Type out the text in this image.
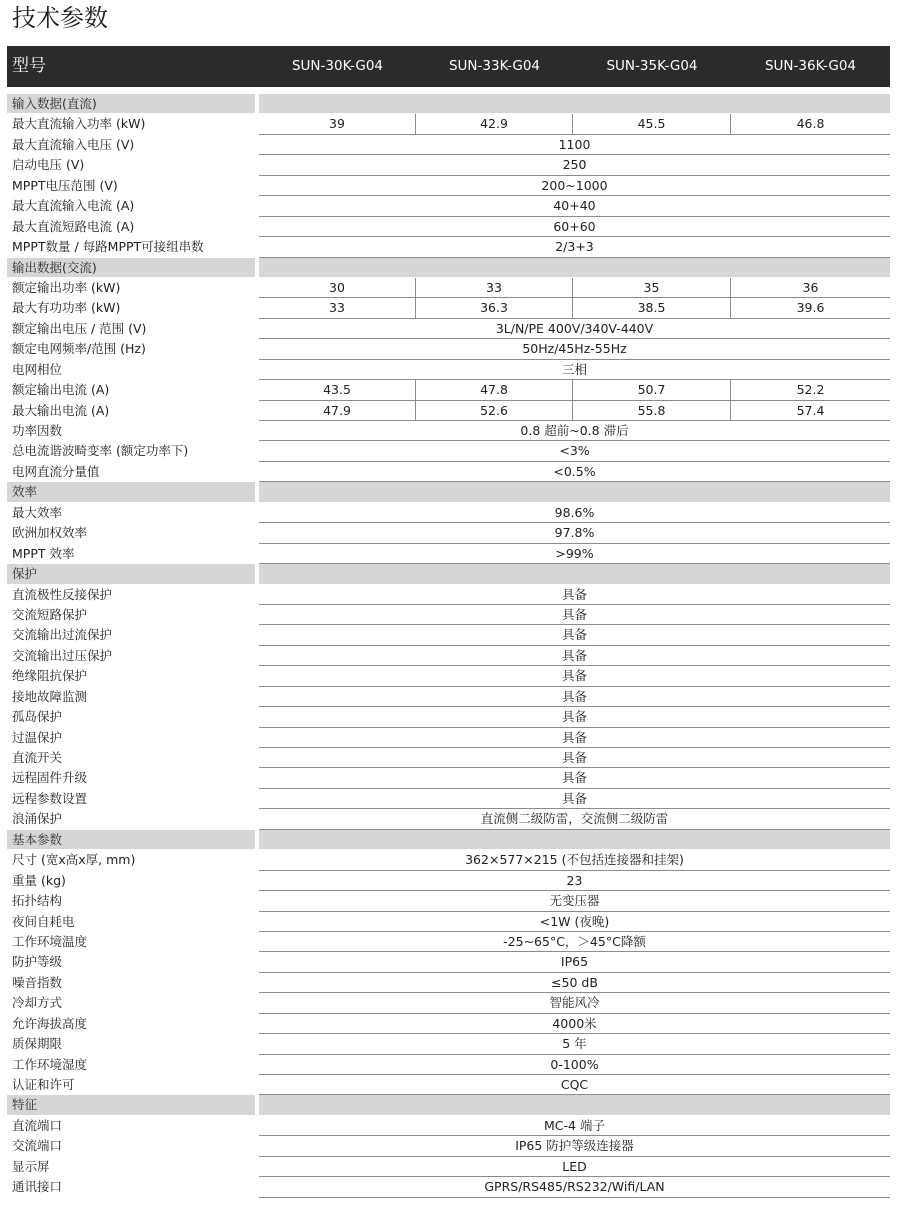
技术参数
型号	SUN-30K-G04	SUN-33K-G04	SUN-35K-G04	SUN-36K-G04
输入数据(直流)
最大直流输入功率 (kW)	39	42.9	45.5	46.8
最大直流输入电压 (V)	1100
启动电压 (V)	250
MPPT电压范围 (V)	200~1000
最大直流输入电流 (A)	40+40
最大直流短路电流 (A)	60+60
MPPT数量 / 每路MPPT可接组串数	2/3+3
输出数据(交流)
额定输出功率 (kW)	30	33	35	36
最大有功功率 (kW)	33	36.3	38.5	39.6
额定输出电压 / 范围 (V)	3L/N/PE 400V/340V-440V
额定电网频率/范围 (Hz)	50Hz/45Hz-55Hz
电网相位	三相
额定输出电流 (A)	43.5	47.8	50.7	52.2
最大输出电流 (A)	47.9	52.6	55.8	57.4
功率因数	0.8 超前~0.8 滞后
总电流谐波畸变率 (额定功率下)	<3%
电网直流分量值	<0.5%
效率
最大效率	98.6%
欧洲加权效率	97.8%
MPPT 效率	>99%
保护
直流极性反接保护	具备
交流短路保护	具备
交流输出过流保护	具备
交流输出过压保护	具备
绝缘阻抗保护	具备
接地故障监测	具备
孤岛保护	具备
过温保护	具备
直流开关	具备
远程固件升级	具备
远程参数设置	具备
浪涌保护	直流侧二级防雷，交流侧二级防雷
基本参数
尺寸 (宽x高x厚, mm)	362×577×215 (不包括连接器和挂架)
重量 (kg)	23
拓扑结构	无变压器
夜间自耗电	<1W (夜晚)
工作环境温度	-25~65°C，＞45°C降额
防护等级	IP65
噪音指数	≤50 dB
冷却方式	智能风冷
允许海拔高度	4000米
质保期限	5 年
工作环境湿度	0-100%
认证和许可	CQC
特征
直流端口	MC-4 端子
交流端口	IP65 防护等级连接器
显示屏	LED
通讯接口	GPRS/RS485/RS232/Wifi/LAN
